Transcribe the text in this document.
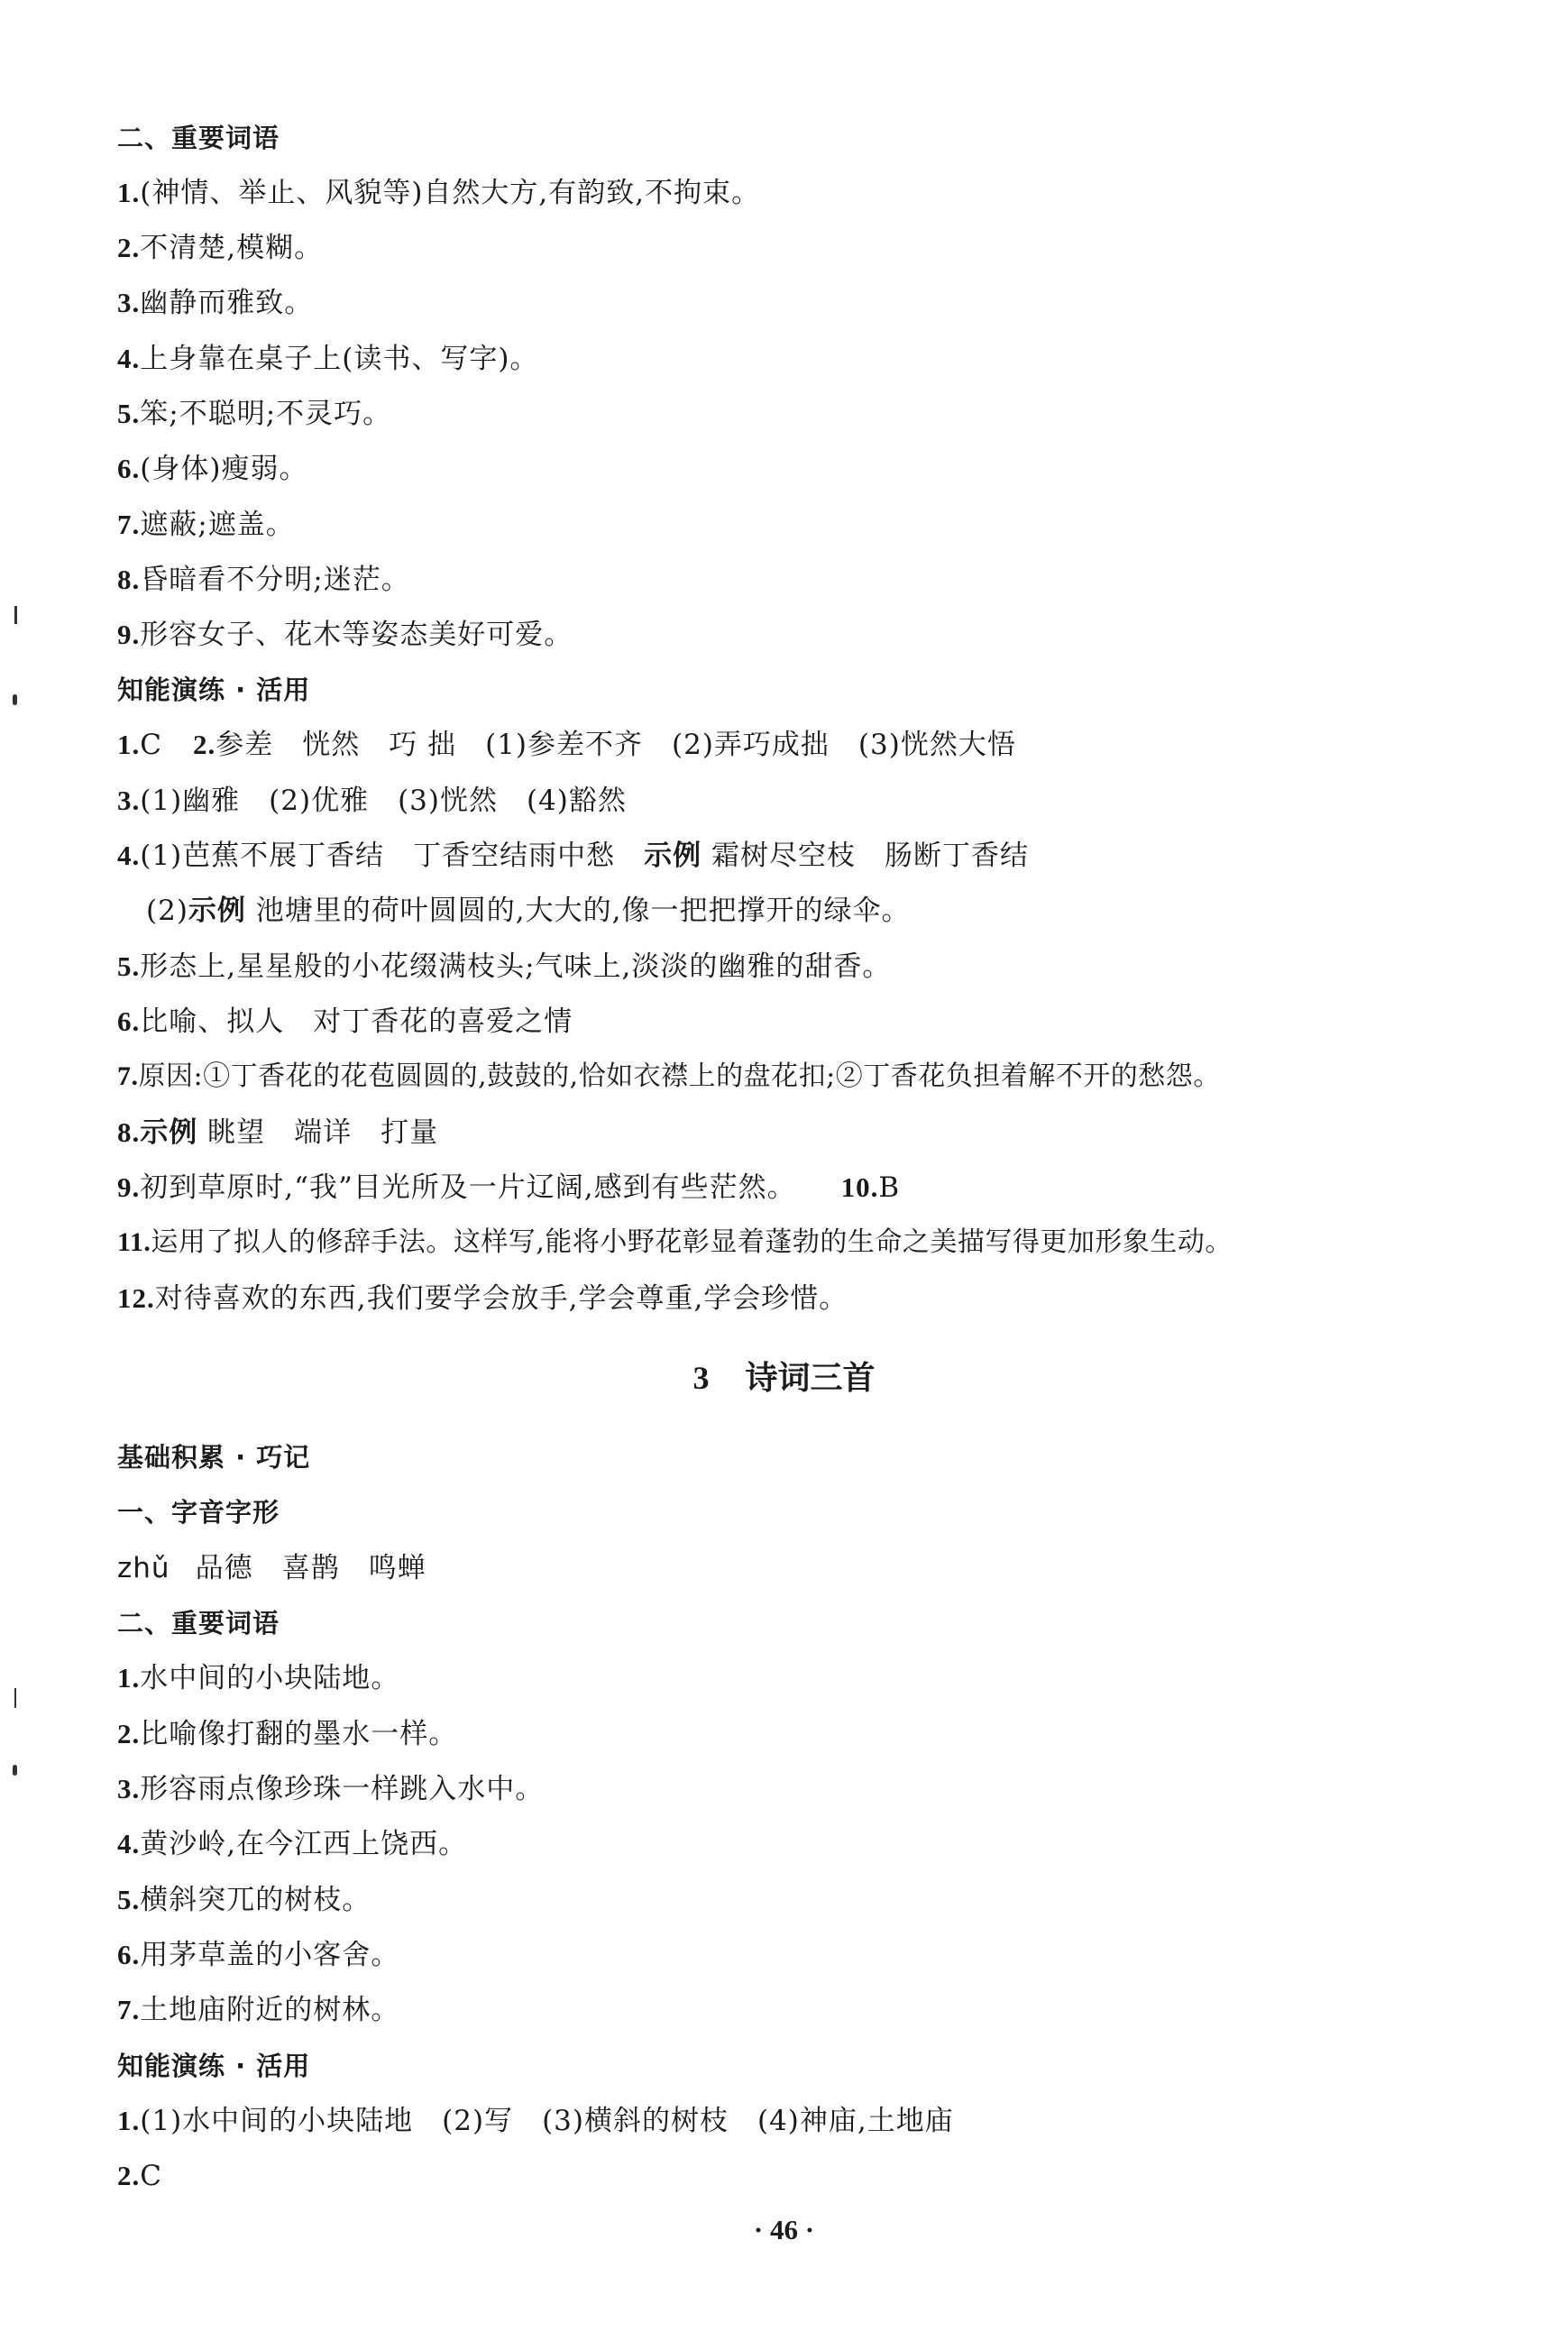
二、重要词语
1.(神情、举止、风貌等)自然大方,有韵致,不拘束。
2.不清楚,模糊。
3.幽静而雅致。
4.上身靠在桌子上(读书、写字)。
5.笨;不聪明;不灵巧。
6.(身体)瘦弱。
7.遮蔽;遮盖。
8.昏暗看不分明;迷茫。
9.形容女子、花木等姿态美好可爱。
知能演练 · 活用
1.C 2.参差　恍然　巧 拙　(1)参差不齐　(2)弄巧成拙　(3)恍然大悟
3.(1)幽雅　(2)优雅　(3)恍然　(4)豁然
4.(1)芭蕉不展丁香结　丁香空结雨中愁　示例 霜树尽空枝　肠断丁香结
(2)示例 池塘里的荷叶圆圆的,大大的,像一把把撑开的绿伞。
5.形态上,星星般的小花缀满枝头;气味上,淡淡的幽雅的甜香。
6.比喻、拟人　对丁香花的喜爱之情
7.原因:①丁香花的花苞圆圆的,鼓鼓的,恰如衣襟上的盘花扣;②丁香花负担着解不开的愁怨。
8.示例 眺望　端详　打量
9.初到草原时,“我”目光所及一片辽阔,感到有些茫然。 10.B
11.运用了拟人的修辞手法。这样写,能将小野花彰显着蓬勃的生命之美描写得更加形象生动。
12.对待喜欢的东西,我们要学会放手,学会尊重,学会珍惜。
3 诗词三首
基础积累 · 巧记
一、字音字形
zhǔ 品德　喜鹊　鸣蝉
二、重要词语
1.水中间的小块陆地。
2.比喻像打翻的墨水一样。
3.形容雨点像珍珠一样跳入水中。
4.黄沙岭,在今江西上饶西。
5.横斜突兀的树枝。
6.用茅草盖的小客舍。
7.土地庙附近的树林。
知能演练 · 活用
1.(1)水中间的小块陆地　(2)写　(3)横斜的树枝　(4)神庙,土地庙
2.C
· 46 ·
